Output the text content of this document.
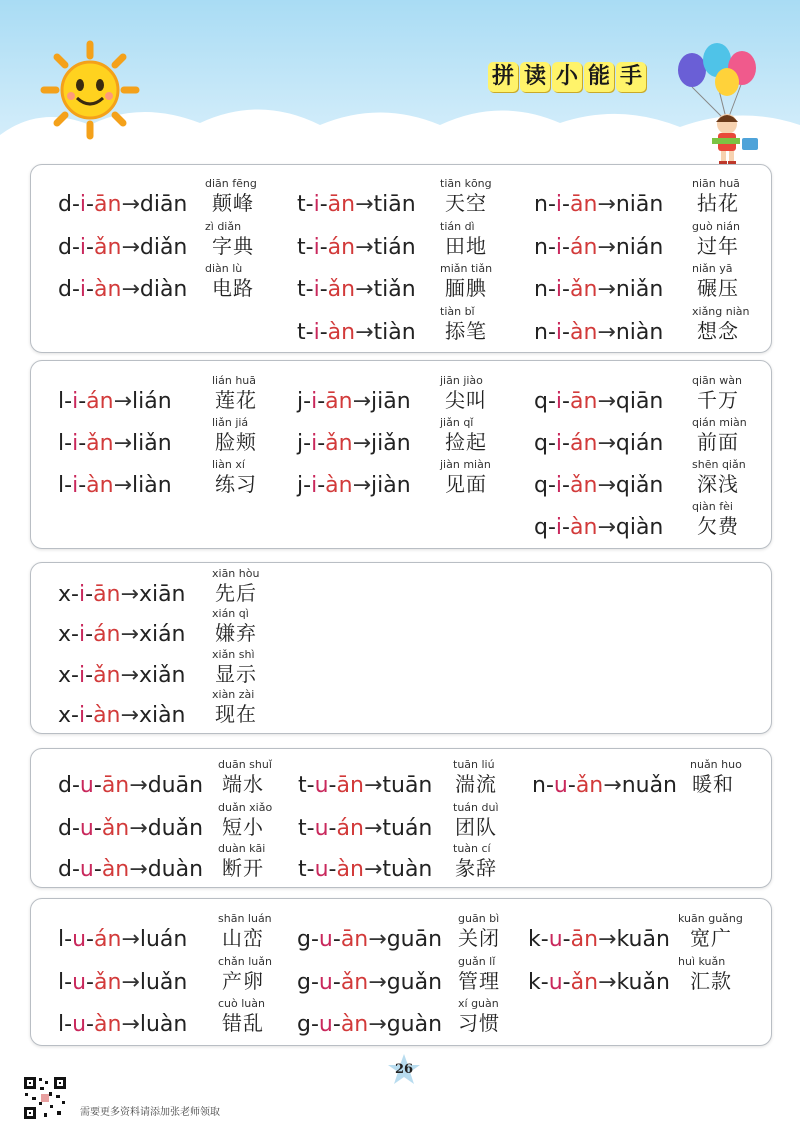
拼 读 小 能 手
26
需要更多资料请添加张老师领取
d-i-ān→diān
diān fēng
颠峰 t-i-ān→tiān
tiān kōng
天空 n-i-ān→niān
niān huā
拈花
d-i-ǎn→diǎn
zì diǎn
字典 t-i-án→tián
tián dì
田地 n-i-án→nián
guò nián
过年
d-i-àn→diàn
diàn lù
电路 t-i-ǎn→tiǎn
miǎn tiǎn
腼腆 n-i-ǎn→niǎn
niǎn yā
碾压
t-i-àn→tiàn
tiàn bǐ
掭笔 n-i-àn→niàn
xiǎng niàn
想念
l-i-án→lián
lián huā
莲花 j-i-ān→jiān
jiān jiào
尖叫 q-i-ān→qiān
qiān wàn
千万
l-i-ǎn→liǎn
liǎn jiá
脸颊 j-i-ǎn→jiǎn
jiǎn qǐ
捡起 q-i-án→qián
qián miàn
前面
l-i-àn→liàn
liàn xí
练习 j-i-àn→jiàn
jiàn miàn
见面 q-i-ǎn→qiǎn
shēn qiǎn
深浅
q-i-àn→qiàn
qiàn fèi
欠费
x-i-ān→xiān
xiān hòu
先后
x-i-án→xián
xián qì
嫌弃
x-i-ǎn→xiǎn
xiǎn shì
显示
x-i-àn→xiàn
xiàn zài
现在
d-u-ān→duān
duān shuǐ
端水 t-u-ān→tuān
tuān liú
湍流 n-u-ǎn→nuǎn
nuǎn huo
暖和
d-u-ǎn→duǎn
duǎn xiǎo
短小 t-u-án→tuán
tuán duì
团队
d-u-àn→duàn
duàn kāi
断开 t-u-àn→tuàn
tuàn cí
彖辞
l-u-án→luán
shān luán
山峦 g-u-ān→guān
guān bì
关闭 k-u-ān→kuān
kuān guǎng
宽广
l-u-ǎn→luǎn
chǎn luǎn
产卵 g-u-ǎn→guǎn
guǎn lǐ
管理 k-u-ǎn→kuǎn
huì kuǎn
汇款
l-u-àn→luàn
cuò luàn
错乱 g-u-àn→guàn
xí guàn
习惯
